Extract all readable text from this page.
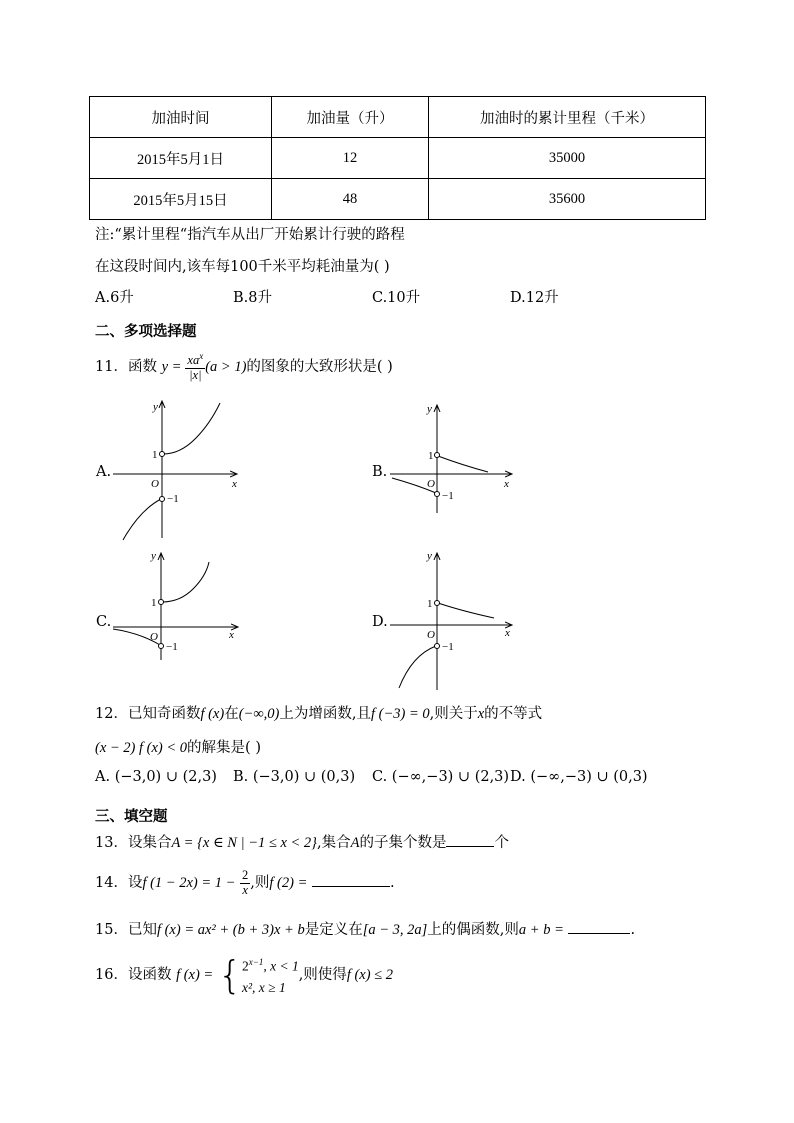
加油时间	加油量（升）	加油时的累计里程（千米）
2015年5月1日	12	35000
2015年5月15日	48	35600
注:“累计里程“指汽车从出厂开始累计行驶的路程
在这段时间内,该车每100千米平均耗油量为( )
A.6升	B.8升	C.10升	D.12升
二、多项选择题
11．函数 $y = \frac{xa^x}{|x|} (a > 1)$的图象的大致形状是( )
A.
y
x
O
1
−1
B.
y
x
O
1
−1
C.
y
x
O
1
−1
D.
y
x
O
1
−1
12．已知奇函数f (x)在(−∞,0)上为增函数,且f (−3) = 0,则关于x的不等式
(x − 2) f (x) < 0的解集是( )
A. (−3,0) ∪ (2,3) B. (−3,0) ∪ (0,3) C. (−∞,−3) ∪ (2,3) D. (−∞,−3) ∪ (0,3)
三、填空题
13．设集合A = {x ∈ N | −1 ≤ x < 2},集合A的子集个数是	个
14．设f $(1 - 2x) = 1 - \frac{2}{x}$ ,则f (2) =	.
15．已知f (x) = ax² + (b + 3)x + b是定义在[a − 3, 2a]上的偶函数,则a + b =	.
16．设函数 f (x) = { $2^{x-1}$, x < 1
x², x ≥ 1
,则使得f (x) ≤ 2
